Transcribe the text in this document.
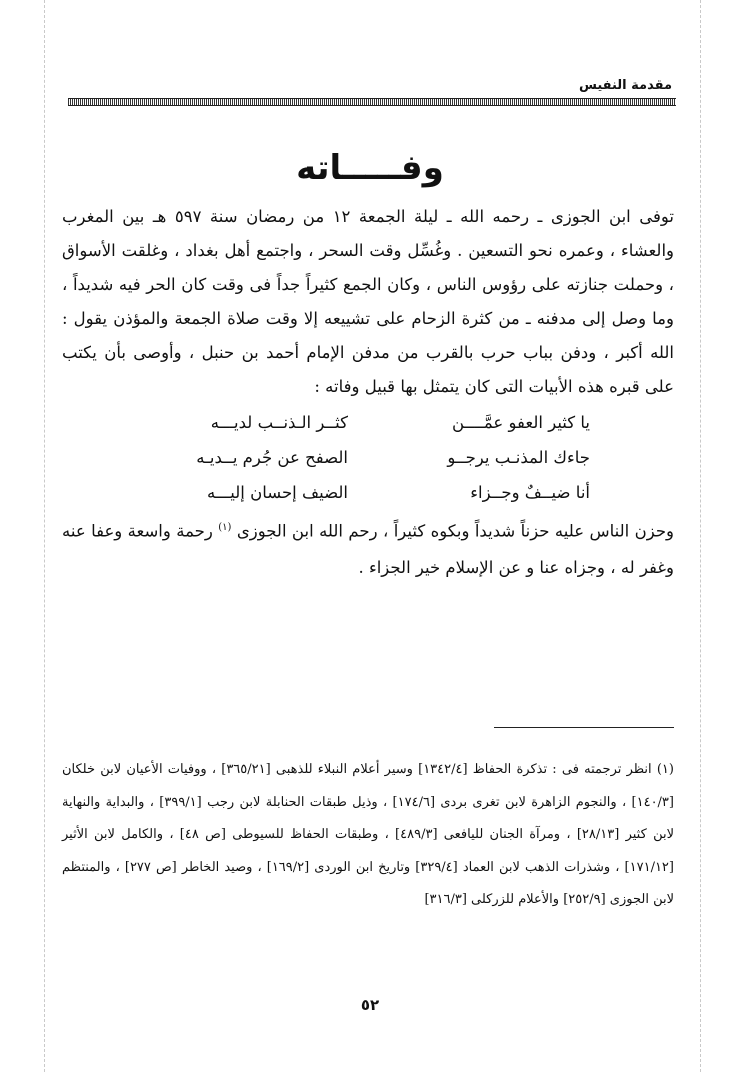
مقدمة النفيس
وفـــــاته

توفى ابن الجوزى ـ رحمه الله ـ ليلة الجمعة ١٢ من رمضان سنة ٥٩٧ هـ بين المغرب والعشاء ، وعمره نحو التسعين . وغُسِّل وقت السحر ، واجتمع أهل بغداد ، وغلقت الأسواق ، وحملت جنازته على رؤوس الناس ، وكان الجمع كثيراً جداً فى وقت كان الحر فيه شديداً ، وما وصل إلى مدفنه ـ من كثرة الزحام على تشييعه إلا وقت صلاة الجمعة والمؤذن يقول : الله أكبر ، ودفن بباب حرب بالقرب من مدفن الإمام أحمد بن حنبل ، وأوصى بأن يكتب على قبره هذه الأبيات التى كان يتمثل بها قبيل وفاته :

يا كثير العفو عمَّــــن
كثــر الـذنــب لديـــه
جاءك المذنـب يرجــو
الصفح عن جُرم يــديـه
أنا ضيــفٌ وجــزاء
الضيف إحسان إليـــه

وحزن الناس عليه حزناً شديداً وبكوه كثيراً ، رحم الله ابن الجوزى $^{(١)}$ رحمة واسعة وعفا عنه وغفر له ، وجزاه عنا و عن الإسلام خير الجزاء .

(١) انظر ترجمته فى : تذكرة الحفاظ [١٣٤٢/٤] وسير أعلام النبلاء للذهبى [٣٦٥/٢١] ، ووفيات الأعيان لابن خلكان [١٤٠/٣] ، والنجوم الزاهرة لابن تغرى بردى [١٧٤/٦] ، وذيل طبقات الحنابلة لابن رجب [٣٩٩/١] ، والبداية والنهاية لابن كثير [٢٨/١٣] ، ومرآة الجنان لليافعى [٤٨٩/٣] ، وطبقات الحفاظ للسيوطى [ص ٤٨] ، والكامل لابن الأثير [١٧١/١٢] ، وشذرات الذهب لابن العماد [٣٢٩/٤] وتاريخ ابن الوردى [١٦٩/٢] ، وصيد الخاطر [ص ٢٧٧] ، والمنتظم لابن الجوزى [٢٥٢/٩] والأعلام للزركلى [٣١٦/٣]

٥٢
